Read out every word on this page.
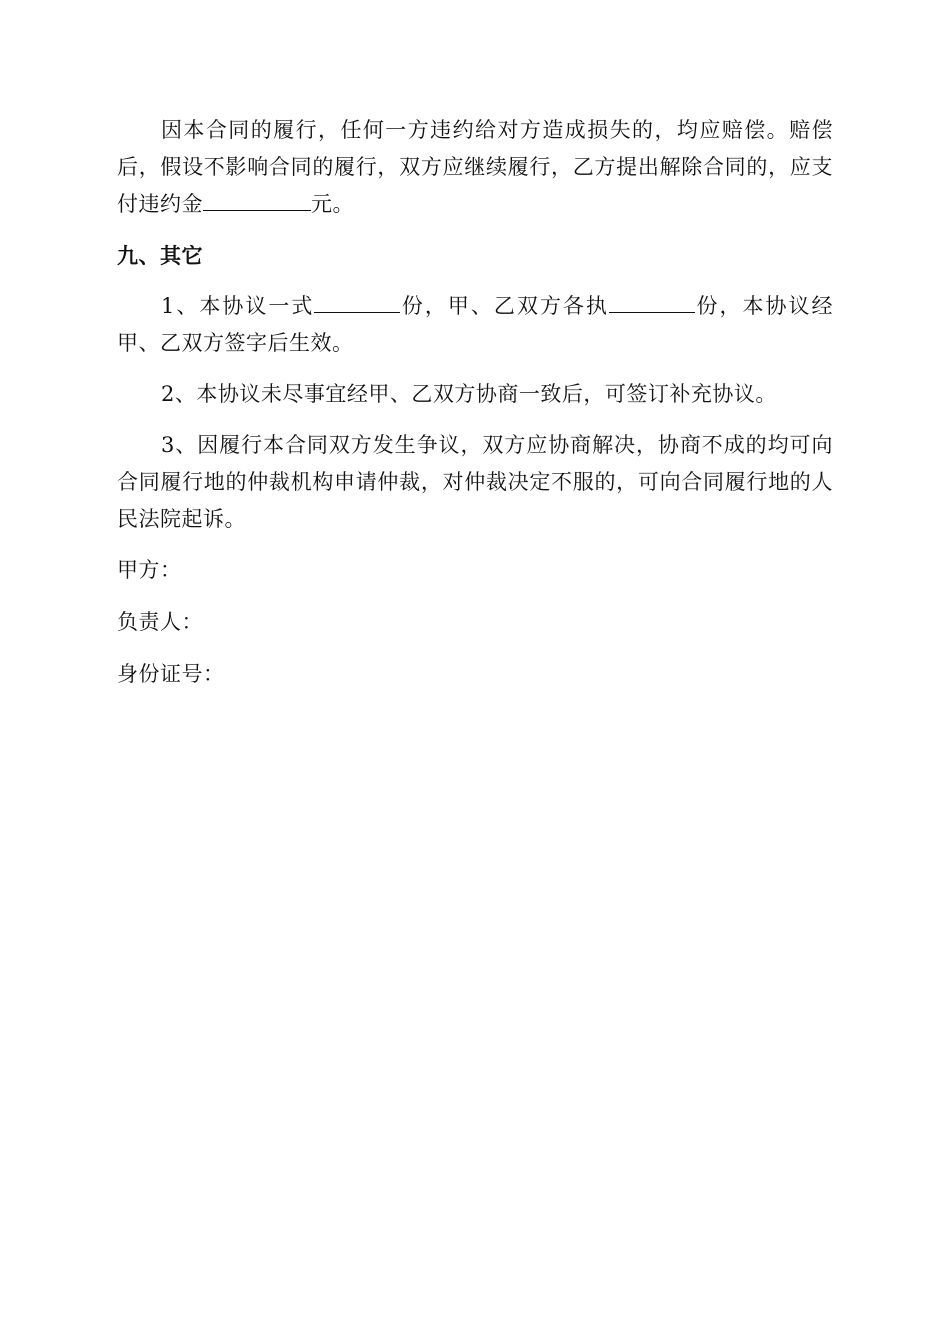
因本合同的履行，任何一方违约给对方造成损失的，均应赔偿。赔偿后，假设不影响合同的履行，双方应继续履行，乙方提出解除合同的，应支付违约金	元。

九、其它

1、本协议一式	份，甲、乙双方各执	份，本协议经甲、乙双方签字后生效。

2、本协议未尽事宜经甲、乙双方协商一致后，可签订补充协议。

3、因履行本合同双方发生争议，双方应协商解决，协商不成的均可向合同履行地的仲裁机构申请仲裁，对仲裁决定不服的，可向合同履行地的人民法院起诉。

甲方：
负责人：
身份证号：
